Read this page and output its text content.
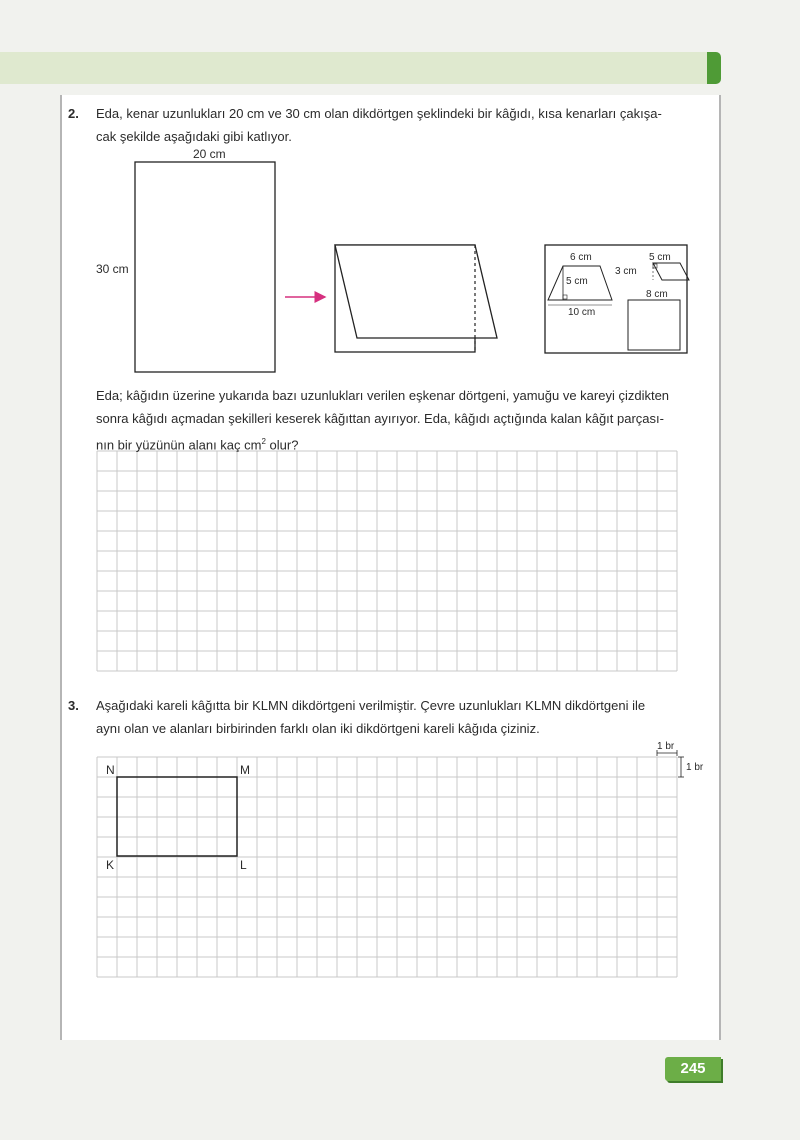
2. Eda, kenar uzunlukları 20 cm ve 30 cm olan dikdörtgen şeklindeki bir kâğıdı, kısa kenarları çakışa-

cak şekilde aşağıdaki gibi katlıyor.

20 cm
30 cm
6 cm
5 cm
10 cm
5 cm
3 cm
8 cm

Eda; kâğıdın üzerine yukarıda bazı uzunlukları verilen eşkenar dörtgeni, yamuğu ve kareyi çizdikten

sonra kâğıdı açmadan şekilleri keserek kâğıttan ayırıyor. Eda, kâğıdı açtığında kalan kâğıt parçası-

nın bir yüzünün alanı kaç $cm^2$ olur?

3. Aşağıdaki kareli kâğıtta bir KLMN dikdörtgeni verilmiştir. Çevre uzunlukları KLMN dikdörtgeni ile

aynı olan ve alanları birbirinden farklı olan iki dikdörtgeni kareli kâğıda çiziniz.

1 br
1 br
N	M
K	L
245
